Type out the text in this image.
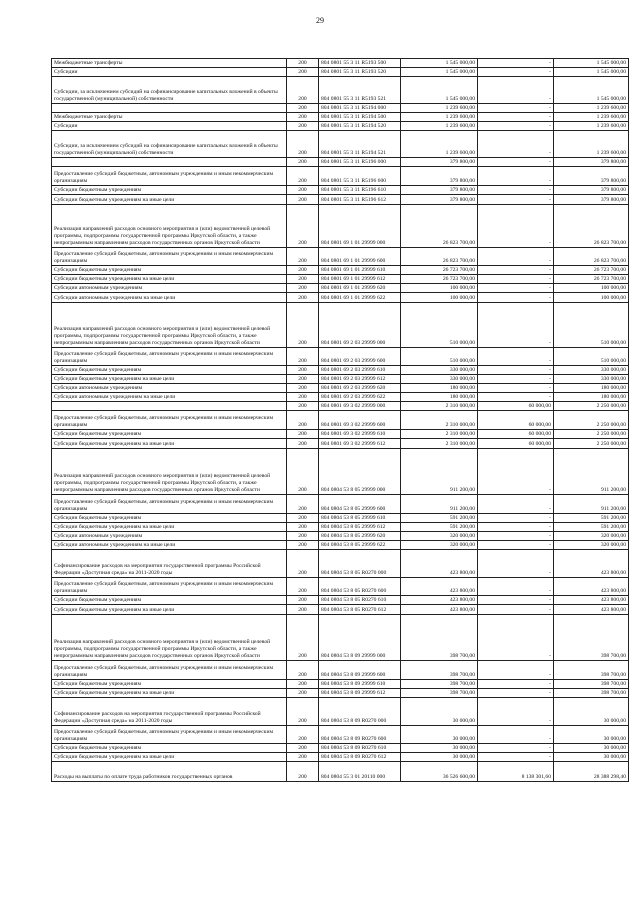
29
Межбюджетные трансферты	200	804 0801 55 3 11 R5193 500	1 545 000,00	-	1 545 000,00
Субсидии	200	804 0801 55 3 11 R5193 520	1 545 000,00	-	1 545 000,00
Субсидии, за исключением субсидий на софинансирование капитальных вложений в объекты государственной (муниципальной) собственности	200	804 0801 55 3 11 R5193 521	1 545 000,00	-	1 545 000,00
	200	804 0801 55 3 11 R5194 000	1 239 600,00	-	1 239 600,00
Межбюджетные трансферты	200	804 0801 55 3 11 R5194 500	1 239 600,00	-	1 239 600,00
Субсидии	200	804 0801 55 3 11 R5194 520	1 239 600,00	-	1 239 600,00
Субсидии, за исключением субсидий на софинансирование капитальных вложений в объекты государственной (муниципальной) собственности	200	804 0801 55 3 11 R5194 521	1 239 600,00	-	1 239 600,00
	200	804 0801 55 3 11 R5196 000	379 800,00	-	379 800,00
Предоставление субсидий бюджетным, автономным учреждениям и иным некоммерческим организациям	200	804 0801 55 3 11 R5196 600	379 800,00	-	379 800,00
Субсидии бюджетным учреждениям	200	804 0801 55 3 11 R5196 610	379 800,00	-	379 800,00
Субсидии бюджетным учреждениям на иные цели	200	804 0801 55 3 11 R5196 612	379 800,00	-	379 800,00
Реализация направлений расходов основного мероприятия и (или) ведомственной целевой программы, подпрограммы государственной программы Иркутской области, а также непрограммным направлениям расходов государственных органов Иркутской области	200	804 0801 69 1 01 29999 000	26 823 700,00	-	26 823 700,00
Предоставление субсидий бюджетным, автономным учреждениям и иным некоммерческим организациям	200	804 0801 69 1 01 29999 600	26 823 700,00	-	26 823 700,00
Субсидии бюджетным учреждениям	200	804 0801 69 1 01 29999 610	26 723 700,00	-	26 723 700,00
Субсидии бюджетным учреждениям на иные цели	200	804 0801 69 1 01 29999 612	26 723 700,00	-	26 723 700,00
Субсидии автономным учреждениям	200	804 0801 69 1 01 29999 620	100 000,00	-	100 000,00
Субсидии автономным учреждениям на иные цели	200	804 0801 69 1 01 29999 622	100 000,00	-	100 000,00
Реализация направлений расходов основного мероприятия и (или) ведомственной целевой программы, подпрограммы государственной программы Иркутской области, а также непрограммным направлениям расходов государственных органов Иркутской области	200	804 0801 69 2 03 29999 000	510 000,00	-	510 000,00
Предоставление субсидий бюджетным, автономным учреждениям и иным некоммерческим организациям	200	804 0801 69 2 03 29999 600	510 000,00	-	510 000,00
Субсидии бюджетным учреждениям	200	804 0801 69 2 03 29999 610	330 000,00	-	330 000,00
Субсидии бюджетным учреждениям на иные цели	200	804 0801 69 2 03 29999 612	330 000,00	-	330 000,00
Субсидии автономным учреждениям	200	804 0801 69 2 03 29999 620	180 000,00	-	180 000,00
Субсидии автономным учреждениям на иные цели	200	804 0801 69 2 03 29999 622	180 000,00	-	180 000,00
	200	804 0801 69 3 02 29999 000	2 310 000,00	60 000,00	2 250 000,00
Предоставление субсидий бюджетным, автономным учреждениям и иным некоммерческим организациям	200	804 0801 69 3 02 29999 600	2 310 000,00	60 000,00	2 250 000,00
Субсидии бюджетным учреждениям	200	804 0801 69 3 02 29999 610	2 310 000,00	60 000,00	2 250 000,00
Субсидии бюджетным учреждениям на иные цели	200	804 0801 69 3 02 29999 612	2 310 000,00	60 000,00	2 250 000,00
Реализация направлений расходов основного мероприятия и (или) ведомственной целевой программы, подпрограммы государственной программы Иркутской области, а также непрограммным направлениям расходов государственных органов Иркутской области	200	804 0804 53 8 05 29999 000	911 200,00	-	911 200,00
Предоставление субсидий бюджетным, автономным учреждениям и иным некоммерческим организациям	200	804 0804 53 8 05 29999 600	911 200,00	-	911 200,00
Субсидии бюджетным учреждениям	200	804 0804 53 8 05 29999 610	591 200,00	-	591 200,00
Субсидии бюджетным учреждениям на иные цели	200	804 0804 53 8 05 29999 612	591 200,00	-	591 200,00
Субсидии автономным учреждениям	200	804 0804 53 8 05 29999 620	320 000,00	-	320 000,00
Субсидии автономным учреждениям на иные цели	200	804 0804 53 8 05 29999 622	320 000,00	-	320 000,00
Софинансирование расходов на мероприятия государственной программы Российской Федерации «Доступная среда» на 2011-2020 годы	200	804 0804 53 8 05 R0270 000	423 800,00	-	423 800,00
Предоставление субсидий бюджетным, автономным учреждениям и иным некоммерческим организациям	200	804 0804 53 8 05 R0270 600	423 800,00	-	423 800,00
Субсидии бюджетным учреждениям	200	804 0804 53 8 05 R0270 610	423 800,00	-	423 800,00
Субсидии бюджетным учреждениям на иные цели	200	804 0804 53 8 05 R0270 612	423 800,00	-	423 800,00
Реализация направлений расходов основного мероприятия и (или) ведомственной целевой программы, подпрограммы государственной программы Иркутской области, а также непрограммным направлениям расходов государственных органов Иркутской области	200	804 0804 53 8 09 29999 000	398 700,00	-	398 700,00
Предоставление субсидий бюджетным, автономным учреждениям и иным некоммерческим организациям	200	804 0804 53 8 09 29999 600	398 700,00	-	398 700,00
Субсидии бюджетным учреждениям	200	804 0804 53 8 09 29999 610	398 700,00	-	398 700,00
Субсидии бюджетным учреждениям на иные цели	200	804 0804 53 8 09 29999 612	398 700,00	-	398 700,00
Софинансирование расходов на мероприятия государственной программы Российской Федерации «Доступная среда» на 2011-2020 годы	200	804 0804 53 8 09 R0270 000	30 000,00	-	30 000,00
Предоставление субсидий бюджетным, автономным учреждениям и иным некоммерческим организациям	200	804 0804 53 8 09 R0270 600	30 000,00	-	30 000,00
Субсидии бюджетным учреждениям	200	804 0804 53 8 09 R0270 610	30 000,00	-	30 000,00
Субсидии бюджетным учреждениям на иные цели	200	804 0804 53 8 09 R0270 612	30 000,00	-	30 000,00
Расходы на выплаты по оплате труда работников государственных органов	200	804 0804 55 3 01 20110 000	36 526 600,00	8 138 301,60	28 388 298,40
